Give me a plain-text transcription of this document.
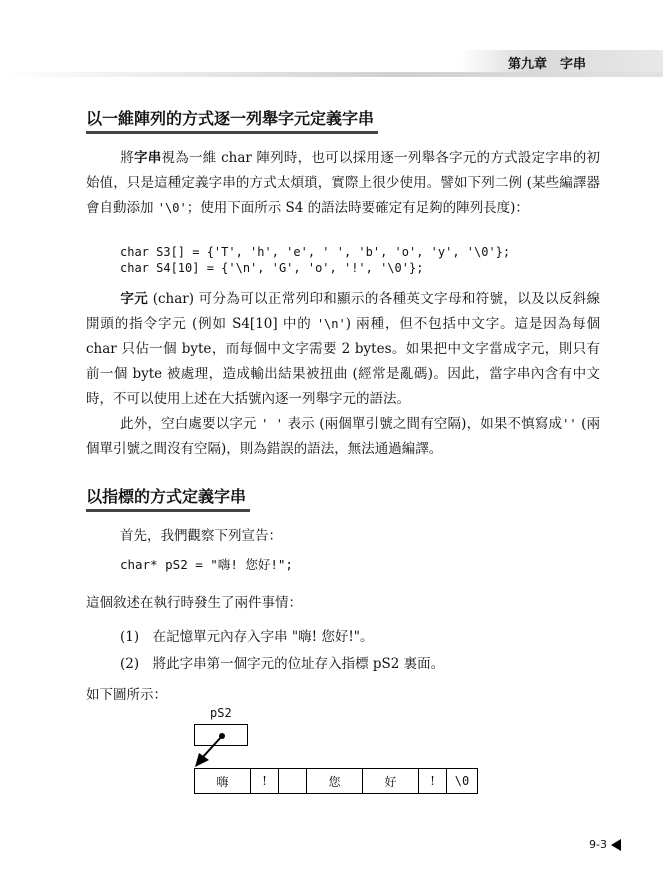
第九章　字串
以一維陣列的方式逐一列舉字元定義字串
將字串視為一維 char 陣列時，也可以採用逐一列舉各字元的方式設定字串的初始值，只是這種定義字串的方式太煩瑣，實際上很少使用。譬如下列二例 (某些編譯器會自動添加 '\0'；使用下面所示 S4 的語法時要確定有足夠的陣列長度)：
char S3[] = {'T', 'h', 'e', ' ', 'b', 'o', 'y', '\0'};
char S4[10] = {'\n', 'G', 'o', '!', '\0'};
字元 (char) 可分為可以正常列印和顯示的各種英文字母和符號，以及以反斜線開頭的指令字元 (例如 S4[10] 中的 '\n') 兩種，但不包括中文字。這是因為每個 char 只佔一個 byte，而每個中文字需要 2 bytes。如果把中文字當成字元，則只有前一個 byte 被處理，造成輸出結果被扭曲 (經常是亂碼)。因此，當字串內含有中文時，不可以使用上述在大括號內逐一列舉字元的語法。
此外，空白處要以字元 ' ' 表示 (兩個單引號之間有空隔)，如果不慎寫成'' (兩個單引號之間沒有空隔)，則為錯誤的語法，無法通過編譯。
以指標的方式定義字串
首先，我們觀察下列宣告：
char* pS2 = "嗨! 您好!";
這個敘述在執行時發生了兩件事情：
(1)　在記憶單元內存入字串 "嗨! 您好!"。
(2)　將此字串第一個字元的位址存入指標 pS2 裏面。
如下圖所示：
pS2
嗨	!	您	好	!	\0
9-3
